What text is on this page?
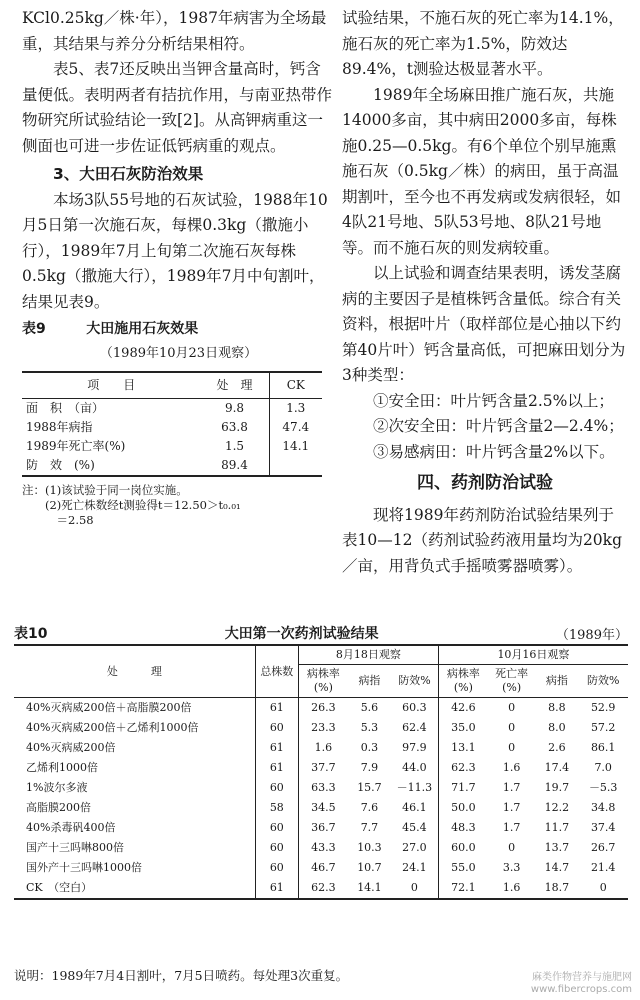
KCl0.25kg／株·年），1987年病害为全场最重，其结果与养分分析结果相符。

表5、表7还反映出当钾含量高时，钙含量便低。表明两者有拮抗作用，与南亚热带作物研究所试验结论一致[2]。从高钾病重这一侧面也可进一步佐证低钙病重的观点。

3、大田石灰防治效果

本场3队55号地的石灰试验，1988年10月5日第一次施石灰，每棵0.3kg（撒施小行），1989年7月上旬第二次施石灰每株0.5kg（撒施大行），1989年7月中旬割叶，结果见表9。

表9	大田施用石灰效果
（1989年10月23日观察）
项　　目	处　理	CK
面　积　（亩）	9.8	1.3
1988年病指	63.8	47.4
1989年死亡率(%)	1.5	14.1
防　效　(%)	89.4	
注：(1)该试验于同一岗位实施。
　　(2)死亡株数经t测验得t＝12.50＞t₀.₀₁
　　　＝2.58

试验结果，不施石灰的死亡率为14.1%，施石灰的死亡率为1.5%，防效达89.4%，t测验达极显著水平。

1989年全场麻田推广施石灰，共施14000多亩，其中病田2000多亩，每株施0.25—0.5kg。有6个单位个别早施熏施石灰（0.5kg／株）的病田，虽于高温期割叶，至今也不再发病或发病很轻，如4队21号地、5队53号地、8队21号地等。而不施石灰的则发病较重。

以上试验和调查结果表明，诱发茎腐病的主要因子是植株钙含量低。综合有关资料，根据叶片（取样部位是心抽以下约第40片叶）钙含量高低，可把麻田划分为3种类型：

①安全田：叶片钙含量2.5%以上；

②次安全田：叶片钙含量2—2.4%；

③易感病田：叶片钙含量2%以下。

四、药剂防治试验

现将1989年药剂防治试验结果列于表10—12（药剂试验药液用量均为20kg／亩，用背负式手摇喷雾器喷雾）。

表10	大田第一次药剂试验结果	（1989年）
处　　　理	总株数	8月18日观察			10月16日观察			
		病株率(%)	病指	防效%	病株率(%)	死亡率(%)	病指	防效%
40%灭病威200倍＋高脂膜200倍	61	26.3	5.6	60.3	42.6	0	8.8	52.9
40%灭病威200倍＋乙烯利1000倍	60	23.3	5.3	62.4	35.0	0	8.0	57.2
40%灭病威200倍	61	1.6	0.3	97.9	13.1	0	2.6	86.1
乙烯利1000倍	61	37.7	7.9	44.0	62.3	1.6	17.4	7.0
1%波尔多液	60	63.3	15.7	－11.3	71.7	1.7	19.7	－5.3
高脂膜200倍	58	34.5	7.6	46.1	50.0	1.7	12.2	34.8
40%杀毒矾400倍	60	36.7	7.7	45.4	48.3	1.7	11.7	37.4
国产十三吗啉800倍	60	43.3	10.3	27.0	60.0	0	13.7	26.7
国外产十三吗啉1000倍	60	46.7	10.7	24.1	55.0	3.3	14.7	21.4
CK　（空白）	61	62.3	14.1	0	72.1	1.6	18.7	0
说明：1989年7月4日割叶，7月5日喷药。每处理3次重复。	麻类作物营养与施肥网
www.fibercrops.com
